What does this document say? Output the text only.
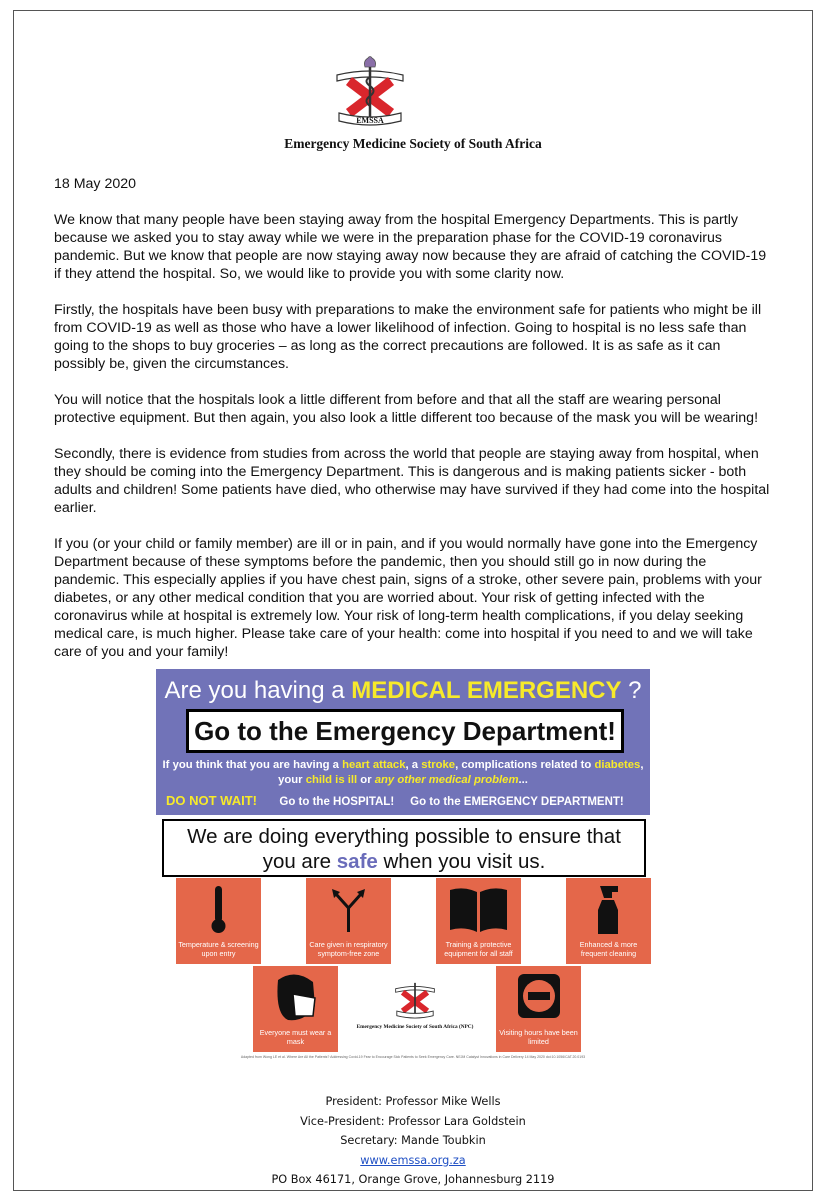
EMSSA
Emergency Medicine Society of South Africa

18 May 2020

We know that many people have been staying away from the hospital Emergency Departments. This is partly because we asked you to stay away while we were in the preparation phase for the COVID-19 coronavirus pandemic. But we know that people are now staying away now because they are afraid of catching the COVID-19 if they attend the hospital. So, we would like to provide you with some clarity now.

Firstly, the hospitals have been busy with preparations to make the environment safe for patients who might be ill from COVID-19 as well as those who have a lower likelihood of infection. Going to hospital is no less safe than going to the shops to buy groceries – as long as the correct precautions are followed. It is as safe as it can possibly be, given the circumstances.

You will notice that the hospitals look a little different from before and that all the staff are wearing personal protective equipment. But then again, you also look a little different too because of the mask you will be wearing!

Secondly, there is evidence from studies from across the world that people are staying away from hospital, when they should be coming into the Emergency Department. This is dangerous and is making patients sicker - both adults and children! Some patients have died, who otherwise may have survived if they had come into the hospital earlier.

If you (or your child or family member) are ill or in pain, and if you would normally have gone into the Emergency Department because of these symptoms before the pandemic, then you should still go in now during the pandemic. This especially applies if you have chest pain, signs of a stroke, other severe pain, problems with your diabetes, or any other medical condition that you are worried about. Your risk of getting infected with the coronavirus while at hospital is extremely low. Your risk of long-term health complications, if you delay seeking medical care, is much higher. Please take care of your health: come into hospital if you need to and we will take care of you and your family!

Are you having a MEDICAL EMERGENCY ?
Go to the Emergency Department!
If you think that you are having a heart attack, a stroke, complications related to diabetes,
your child is ill or any other medical problem...
DO NOT WAIT! Go to the HOSPITAL! Go to the EMERGENCY DEPARTMENT!
We are doing everything possible to ensure that
you are safe when you visit us.
Temperature & screening upon entry
Care given in respiratory symptom-free zone
Training & protective equipment for all staff
Enhanced & more frequent cleaning
Everyone must wear a mask
Visiting hours have been limited
Emergency Medicine Society of South Africa (NPC)
Adapted from Wong LE et al. Where Are All the Patients? Addressing Covid-19 Fear to Encourage Sick Patients to Seek Emergency Care. NEJM Catalyst Innovations in Care Delivery 14 May 2020 doi:10.1056/CAT.20.0193
President: Professor Mike Wells
Vice-President: Professor Lara Goldstein
Secretary: Mande Toubkin
www.emssa.org.za
PO Box 46171, Orange Grove, Johannesburg 2119
